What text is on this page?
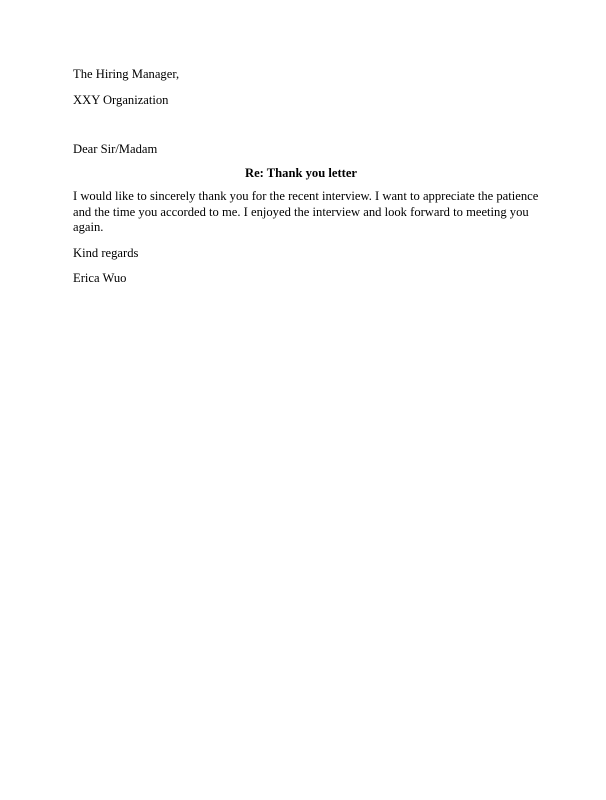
The Hiring Manager,

XXY Organization

Dear Sir/Madam

Re: Thank you letter

I would like to sincerely thank you for the recent interview. I want to appreciate the patience

and the time you accorded to me. I enjoyed the interview and look forward to meeting you

again.

Kind regards

Erica Wuo
